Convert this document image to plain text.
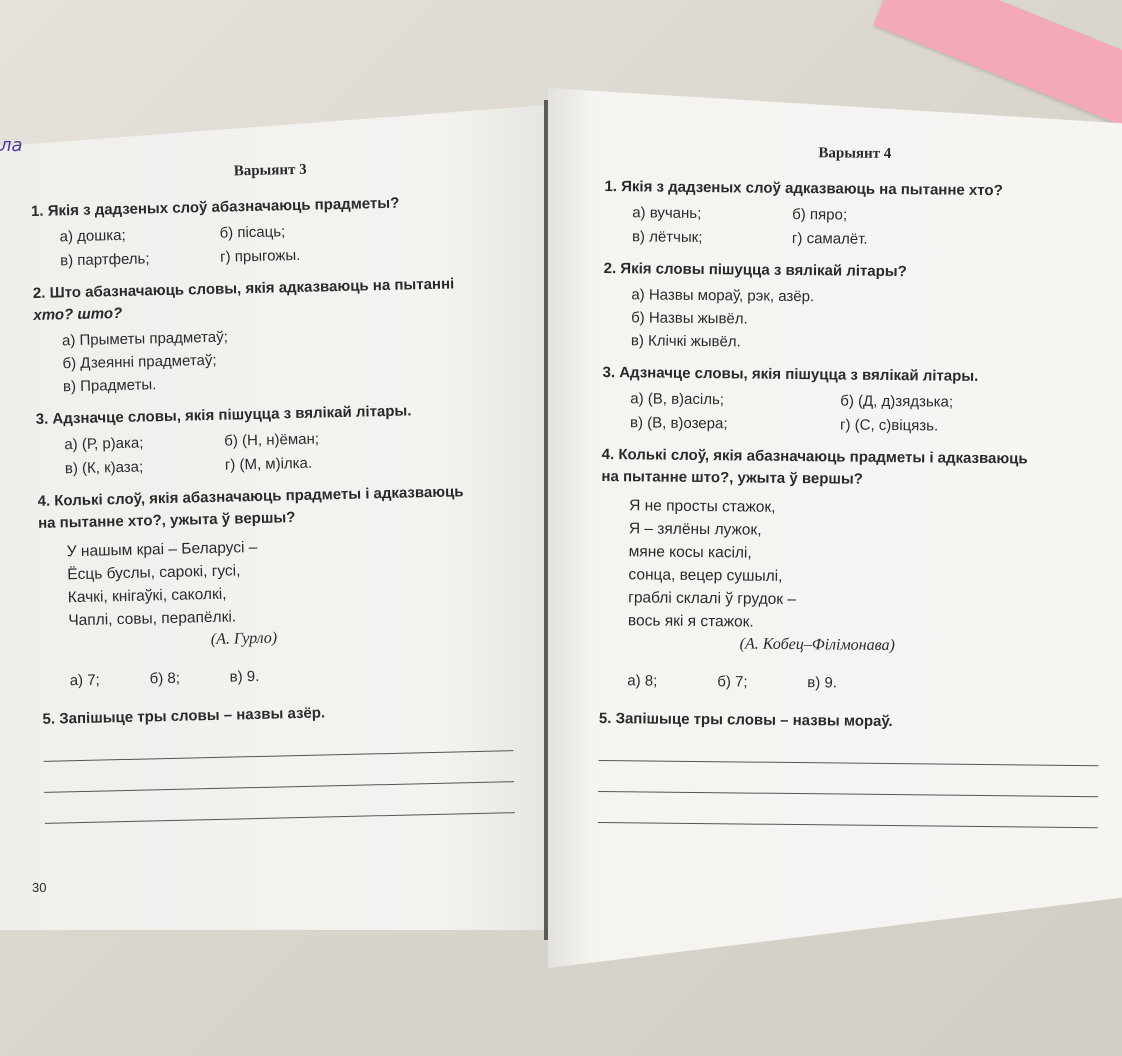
ла
Варыянт 3
1. Якія з дадзеных слоў абазначаюць прадметы?
а) дошка;	б) пісаць;
в) партфель;	г) прыгожы.
2. Што абазначаюць словы, якія адказваюць на пытанні
хто? што?
а) Прыметы прадметаў;
б) Дзеянні прадметаў;
в) Прадметы.
3. Адзначце словы, якія пішуцца з вялікай літары.
а) (Р, р)ака;	б) (Н, н)ёман;
в) (К, к)аза;	г) (М, м)ілка.
4. Колькі слоў, якія абазначаюць прадметы і адказваюць
на пытанне хто?, ужыта ў вершы?
У нашым краі – Беларусі –
Ёсць буслы, сарокі, гусі,
Качкі, кнігаўкі, саколкі,
Чаплі, совы, перапёлкі.
(А. Гурло)
а) 7;	б) 8;	в) 9.
5. Запішыце тры словы – назвы азёр.
Варыянт 4
1. Якія з дадзеных слоў адказваюць на пытанне хто?
а) вучань;	б) пяро;
в) лётчык;	г) самалёт.
2. Якія словы пішуцца з вялікай літары?
а) Назвы мораў, рэк, азёр.
б) Назвы жывёл.
в) Клічкі жывёл.
3. Адзначце словы, якія пішуцца з вялікай літары.
а) (В, в)асіль;	б) (Д, д)зядзька;
в) (В, в)озера;	г) (С, с)віцязь.
4. Колькі слоў, якія абазначаюць прадметы і адказваюць
на пытанне што?, ужыта ў вершы?
Я не просты стажок,
Я – зялёны лужок,
мяне косы касілі,
сонца, вецер сушылі,
граблі склалі ў грудок –
вось які я стажок.
(А. Кобец–Філімонава)
а) 8;	б) 7;	в) 9.
5. Запішыце тры словы – назвы мораў.
30
